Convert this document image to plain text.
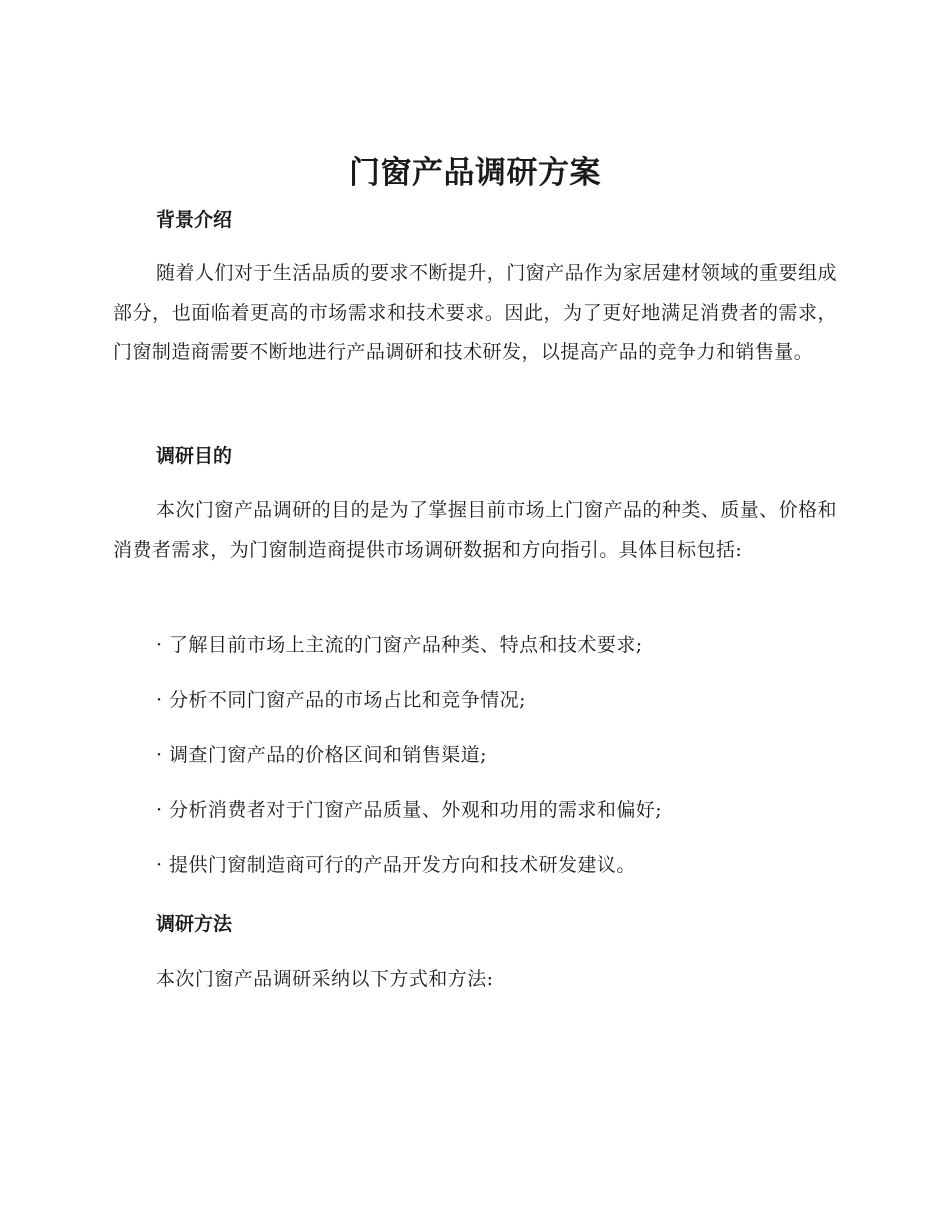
门窗产品调研方案
背景介绍

随着人们对于生活品质的要求不断提升，门窗产品作为家居建材领域的重要组成部分，也面临着更高的市场需求和技术要求。因此，为了更好地满足消费者的需求，门窗制造商需要不断地进行产品调研和技术研发，以提高产品的竞争力和销售量。

调研目的

本次门窗产品调研的目的是为了掌握目前市场上门窗产品的种类、质量、价格和消费者需求，为门窗制造商提供市场调研数据和方向指引。具体目标包括:

· 了解目前市场上主流的门窗产品种类、特点和技术要求;
· 分析不同门窗产品的市场占比和竞争情况;
· 调查门窗产品的价格区间和销售渠道;
· 分析消费者对于门窗产品质量、外观和功用的需求和偏好;
· 提供门窗制造商可行的产品开发方向和技术研发建议。
调研方法

本次门窗产品调研采纳以下方式和方法:
